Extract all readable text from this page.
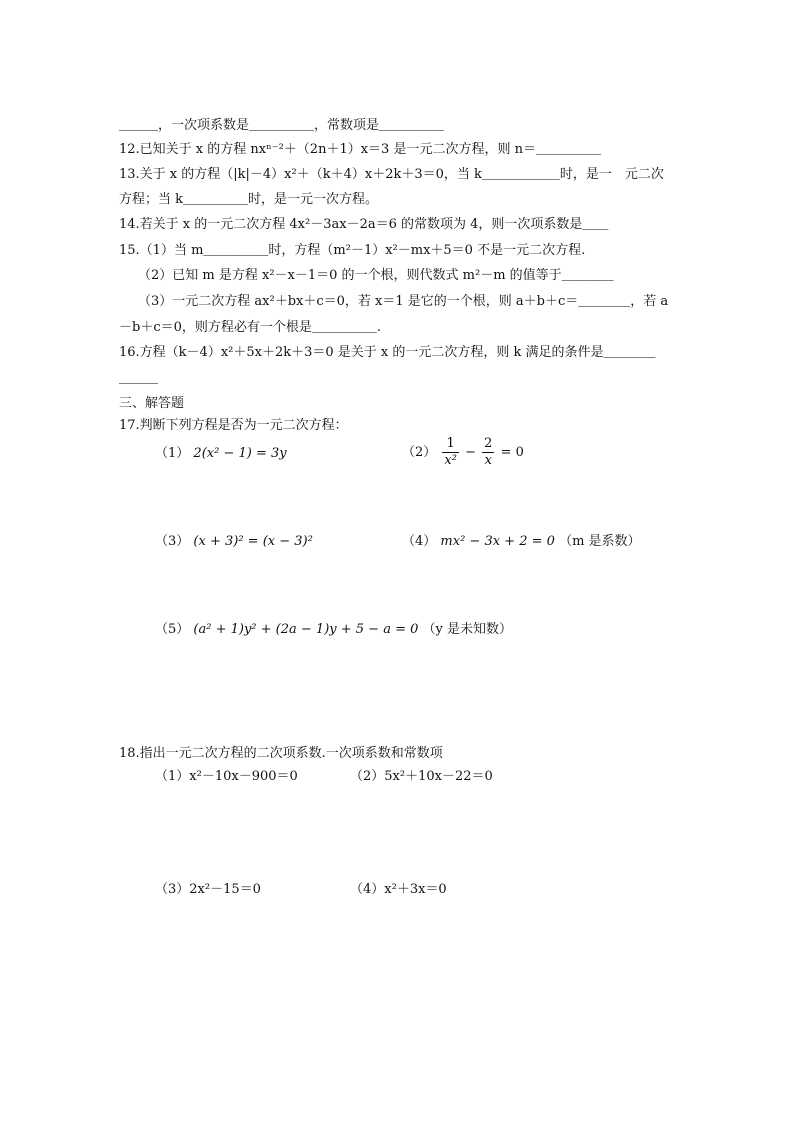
＿＿＿，一次项系数是＿＿＿＿＿，常数项是＿＿＿＿＿
12.已知关于 x 的方程 nxⁿ⁻²＋（2n＋1）x＝3 是一元二次方程，则 n＝＿＿＿＿＿
13.关于 x 的方程（|k|－4）x²＋（k＋4）x＋2k＋3＝0，当 k＿＿＿＿＿＿时，是一　元二次
方程；当 k＿＿＿＿＿时，是一元一次方程。
14.若关于 x 的一元二次方程 4x²－3ax－2a＝6 的常数项为 4，则一次项系数是＿＿
15.（1）当 m＿＿＿＿＿时，方程（m²－1）x²－mx＋5＝0 不是一元二次方程.
（2）已知 m 是方程 x²－x－1＝0 的一个根，则代数式 m²－m 的值等于＿＿＿＿
（3）一元二次方程 ax²＋bx＋c＝0，若 x＝1 是它的一个根，则 a＋b＋c＝＿＿＿＿，若 a
－b＋c＝0，则方程必有一个根是＿＿＿＿＿.
16.方程（k－4）x²＋5x＋2k＋3＝0 是关于 x 的一元二次方程，则 k 满足的条件是＿＿＿＿
＿＿＿
三、解答题
17.判断下列方程是否为一元二次方程：
（1） 2(x² − 1) = 3y	$(2) \frac{1}{\text{x²}} - \frac{2}{x} = 0$
（3） (x + 3)² = (x − 3)²	（4） mx² − 3x + 2 = 0 （m 是系数）
（5） (a² + 1)y² + (2a − 1)y + 5 − a = 0 （y 是未知数）
18.指出一元二次方程的二次项系数.一次项系数和常数项
（1）x²－10x－900＝0	（2）5x²＋10x－22＝0
（3）2x²－15＝0	（4）x²＋3x＝0
